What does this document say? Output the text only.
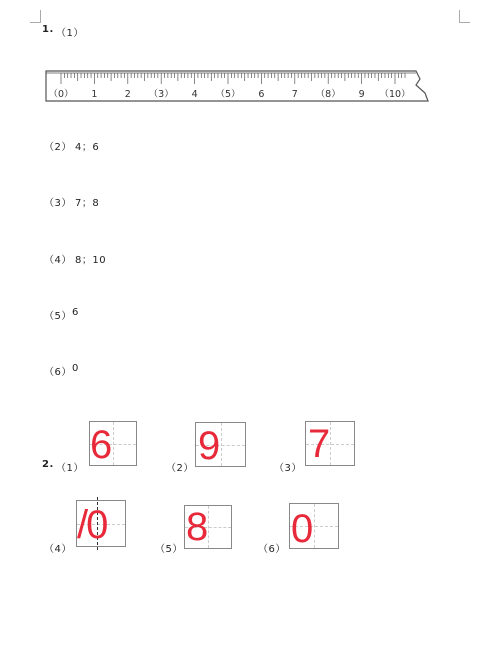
1. （1）
（0） 1	2 （3） 4 （5） 6	7 （8） 9 （10）
（2） 4；6
（3） 7；8
（4） 8；10
（5） 6
（6） 0
2. （1）
6
（2）
9
（3）
7
（4）
/0
（5）
8
（6） 0
